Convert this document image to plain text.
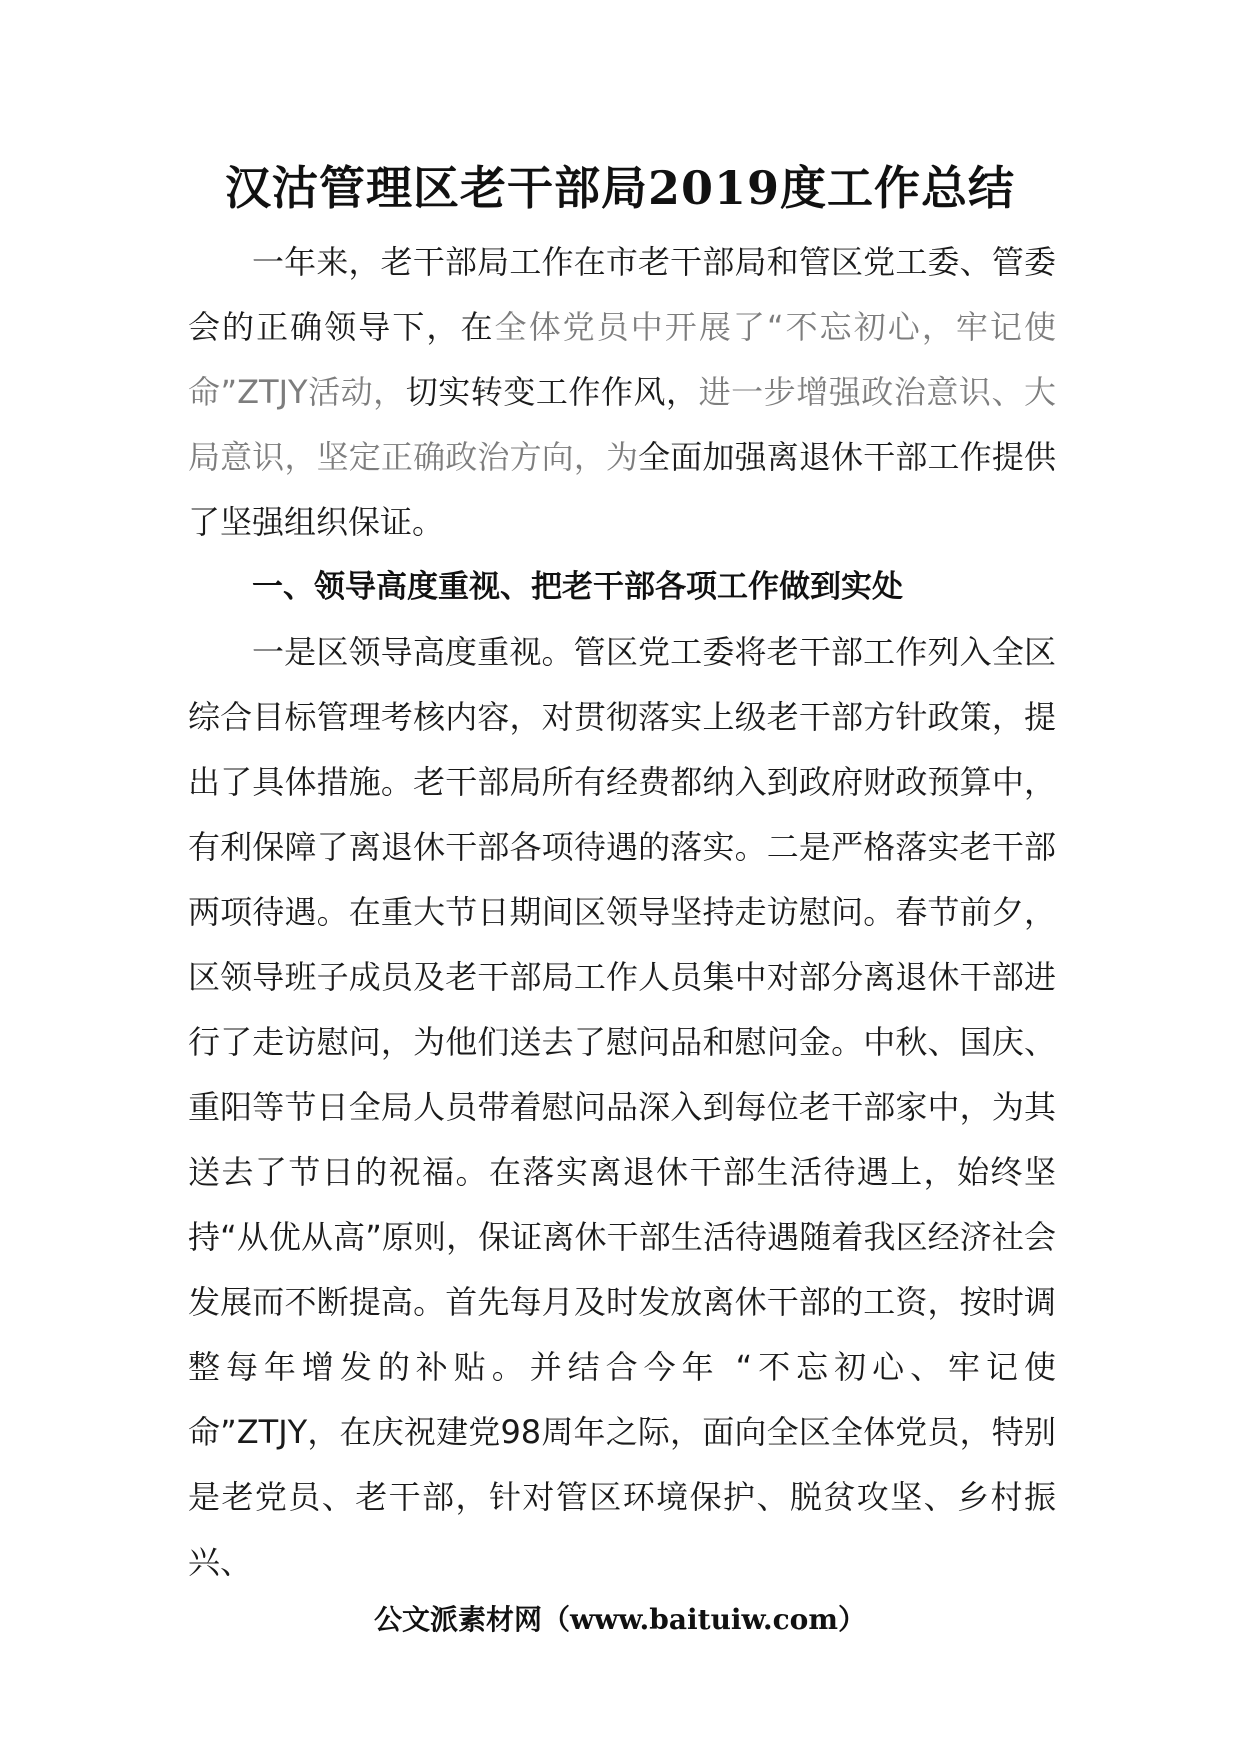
汉沽管理区老干部局2019度工作总结

一年来，老干部局工作在市老干部局和管区党工委、管委会的正确领导下，在全体党员中开展了“不忘初心，牢记使命”ZTJY活动，切实转变工作作风，进一步增强政治意识、大局意识，坚定正确政治方向，为全面加强离退休干部工作提供了坚强组织保证。

一、领导高度重视、把老干部各项工作做到实处

一是区领导高度重视。管区党工委将老干部工作列入全区综合目标管理考核内容，对贯彻落实上级老干部方针政策，提出了具体措施。老干部局所有经费都纳入到政府财政预算中，有利保障了离退休干部各项待遇的落实。二是严格落实老干部两项待遇。在重大节日期间区领导坚持走访慰问。春节前夕，区领导班子成员及老干部局工作人员集中对部分离退休干部进行了走访慰问，为他们送去了慰问品和慰问金。中秋、国庆、重阳等节日全局人员带着慰问品深入到每位老干部家中，为其送去了节日的祝福。在落实离退休干部生活待遇上，始终坚持“从优从高”原则，保证离休干部生活待遇随着我区经济社会发展而不断提高。首先每月及时发放离休干部的工资，按时调整每年增发的补贴。并结合今年 “不忘初心、牢记使命”ZTJY，在庆祝建党98周年之际，面向全区全体党员，特别是老党员、老干部，针对管区环境保护、脱贫攻坚、乡村振兴、

公文派素材网（www.baituiw.com）
